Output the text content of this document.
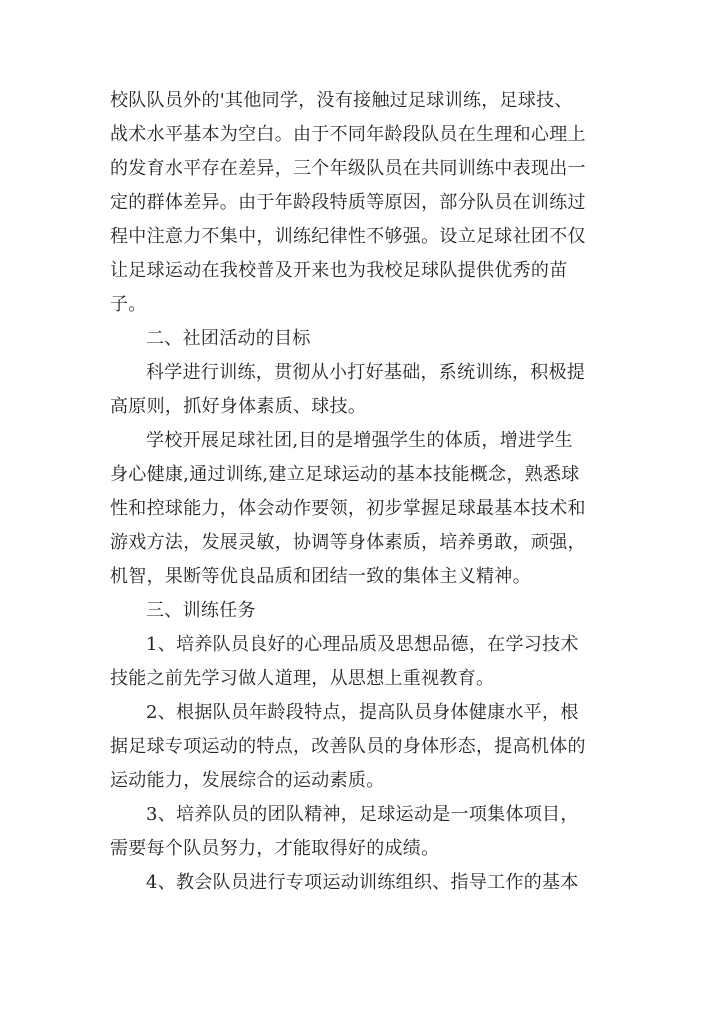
校队队员外的'其他同学，没有接触过足球训练，足球技、
战术水平基本为空白。由于不同年龄段队员在生理和心理上
的发育水平存在差异，三个年级队员在共同训练中表现出一
定的群体差异。由于年龄段特质等原因，部分队员在训练过
程中注意力不集中，训练纪律性不够强。设立足球社团不仅
让足球运动在我校普及开来也为我校足球队提供优秀的苗
子。
二、社团活动的目标
科学进行训练，贯彻从小打好基础，系统训练，积极提
高原则，抓好身体素质、球技。
学校开展足球社团,目的是增强学生的体质，增进学生
身心健康,通过训练,建立足球运动的基本技能概念，熟悉球
性和控球能力，体会动作要领，初步掌握足球最基本技术和
游戏方法，发展灵敏，协调等身体素质，培养勇敢，顽强，
机智，果断等优良品质和团结一致的集体主义精神。
三、训练任务
1、培养队员良好的心理品质及思想品德，在学习技术
技能之前先学习做人道理，从思想上重视教育。
2、根据队员年龄段特点，提高队员身体健康水平，根
据足球专项运动的特点，改善队员的身体形态，提高机体的
运动能力，发展综合的运动素质。
3、培养队员的团队精神，足球运动是一项集体项目，
需要每个队员努力，才能取得好的成绩。
4、教会队员进行专项运动训练组织、指导工作的基本
